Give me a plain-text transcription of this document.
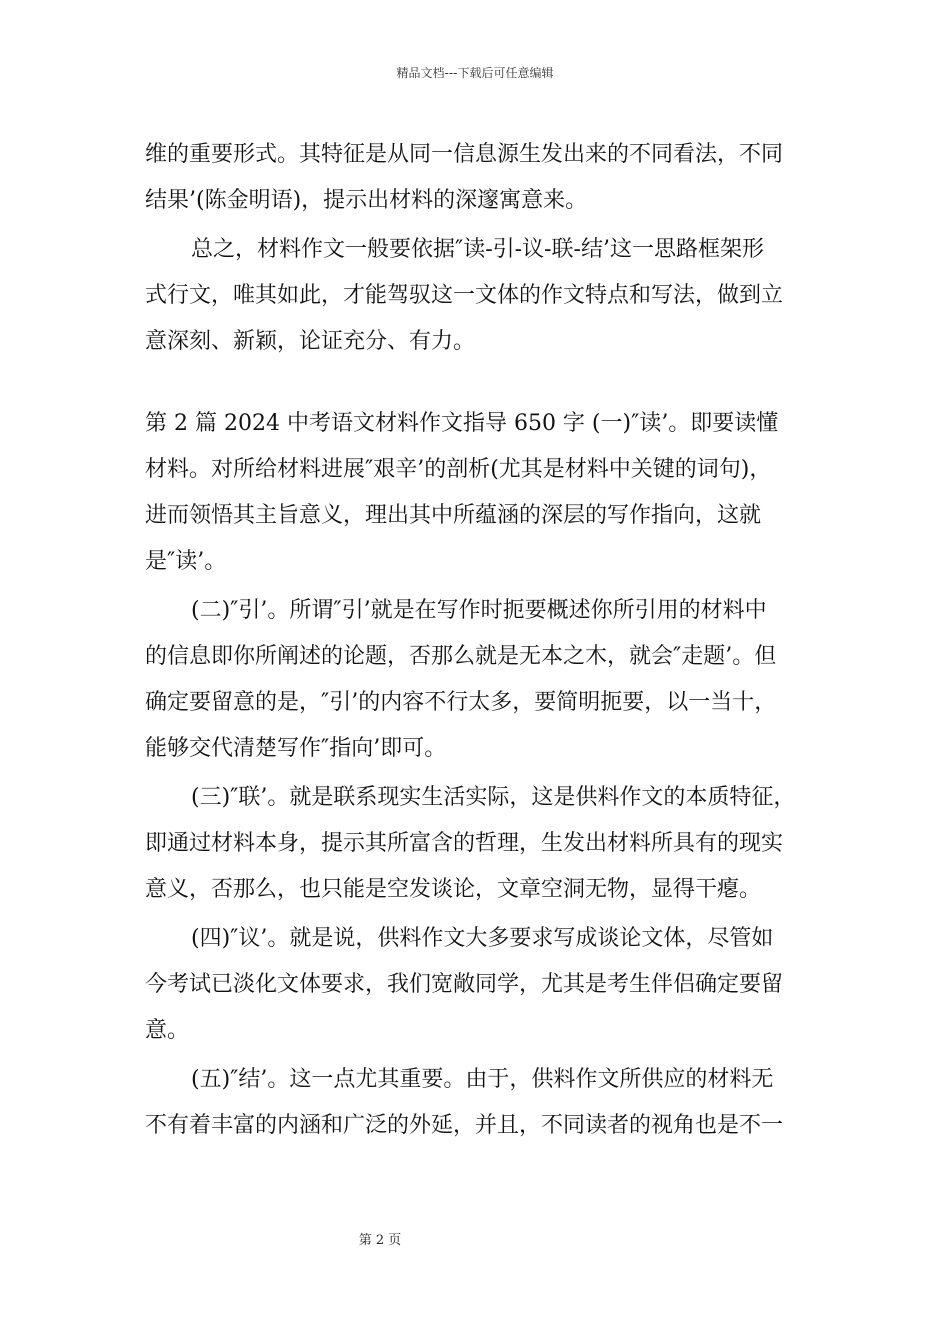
精品文档---下载后可任意编辑
维的重要形式。其特征是从同一信息源生发出来的不同看法，不同
结果’(陈金明语)，提示出材料的深邃寓意来。
总之，材料作文一般要依据″读-引-议-联-结’这一思路框架形
式行文，唯其如此，才能驾驭这一文体的作文特点和写法，做到立
意深刻、新颖，论证充分、有力。
第 2 篇 2024 中考语文材料作文指导 650 字 (一)″读’。即要读懂
材料。对所给材料进展″艰辛’的剖析(尤其是材料中关键的词句)，
进而领悟其主旨意义，理出其中所蕴涵的深层的写作指向，这就
是″读’。
(二)″引’。所谓″引’就是在写作时扼要概述你所引用的材料中
的信息即你所阐述的论题，否那么就是无本之木，就会″走题’。但
确定要留意的是，″引’的内容不行太多，要简明扼要，以一当十，
能够交代清楚写作″指向’即可。
(三)″联’。就是联系现实生活实际，这是供料作文的本质特征，
即通过材料本身，提示其所富含的哲理，生发出材料所具有的现实
意义，否那么，也只能是空发谈论，文章空洞无物，显得干瘪。
(四)″议’。就是说，供料作文大多要求写成谈论文体，尽管如
今考试已淡化文体要求，我们宽敞同学，尤其是考生伴侣确定要留
意。
(五)″结’。这一点尤其重要。由于，供料作文所供应的材料无
不有着丰富的内涵和广泛的外延，并且，不同读者的视角也是不一
第 2 页
